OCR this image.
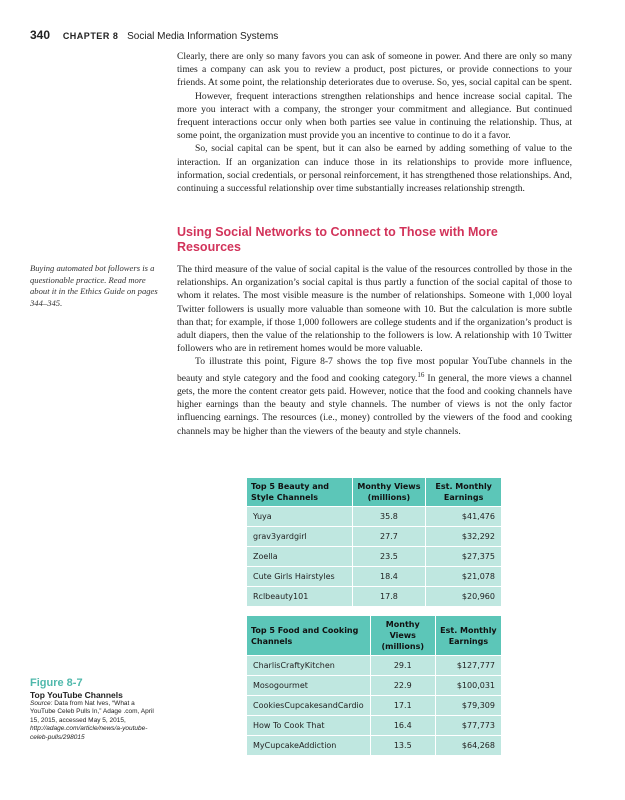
340 CHAPTER 8 Social Media Information Systems

Clearly, there are only so many favors you can ask of someone in power. And there are only so many times a company can ask you to review a product, post pictures, or provide connections to your friends. At some point, the relationship deteriorates due to overuse. So, yes, social capital can be spent.

However, frequent interactions strengthen relationships and hence increase social capital. The more you interact with a company, the stronger your commitment and allegiance. But continued frequent interactions occur only when both parties see value in continuing the relationship. Thus, at some point, the organization must provide you an incentive to continue to do it a favor.

So, social capital can be spent, but it can also be earned by adding something of value to the interaction. If an organization can induce those in its relationships to provide more influence, information, social credentials, or personal reinforcement, it has strengthened those relationships. And, continuing a successful relationship over time substantially increases relationship strength.

Using Social Networks to Connect to Those with More Resources
Buying automated bot followers is a questionable practice. Read more about it in the Ethics Guide on pages 344–345.

The third measure of the value of social capital is the value of the resources controlled by those in the relationships. An organization’s social capital is thus partly a function of the social capital of those to whom it relates. The most visible measure is the number of relationships. Someone with 1,000 loyal Twitter followers is usually more valuable than someone with 10. But the calculation is more subtle than that; for example, if those 1,000 followers are college students and if the organization’s product is adult diapers, then the value of the relationship to the followers is low. A relationship with 10 Twitter followers who are in retirement homes would be more valuable.

To illustrate this point, Figure 8-7 shows the top five most popular YouTube channels in the beauty and style category and the food and cooking category.$^{16}$ In general, the more views a channel gets, the more the content creator gets paid. However, notice that the food and cooking channels have higher earnings than the beauty and style channels. The number of views is not the only factor influencing earnings. The resources (i.e., money) controlled by the viewers of the food and cooking channels may be higher than the viewers of the beauty and style channels.

Top 5 Beauty and Style Channels	Monthy Views (millions)	Est. Monthly Earnings
Yuya	35.8	$41,476
grav3yardgirl	27.7	$32,292
Zoella	23.5	$27,375
Cute Girls Hairstyles	18.4	$21,078
Rclbeauty101	17.8	$20,960
Top 5 Food and Cooking Channels	Monthy Views (millions)	Est. Monthly Earnings
CharlisCraftyKitchen	29.1	$127,777
Mosogourmet	22.9	$100,031
CookiesCupcakesandCardio	17.1	$79,309
How To Cook That	16.4	$77,773
MyCupcakeAddiction	13.5	$64,268
Figure 8-7
Top YouTube Channels
Source: Data from Nat Ives, “What a YouTube Celeb Pulls In,” Adage .com, April 15, 2015, accessed May 5, 2015, http://adage.com/article/news/a-youtube-celeb-pulls/298015
